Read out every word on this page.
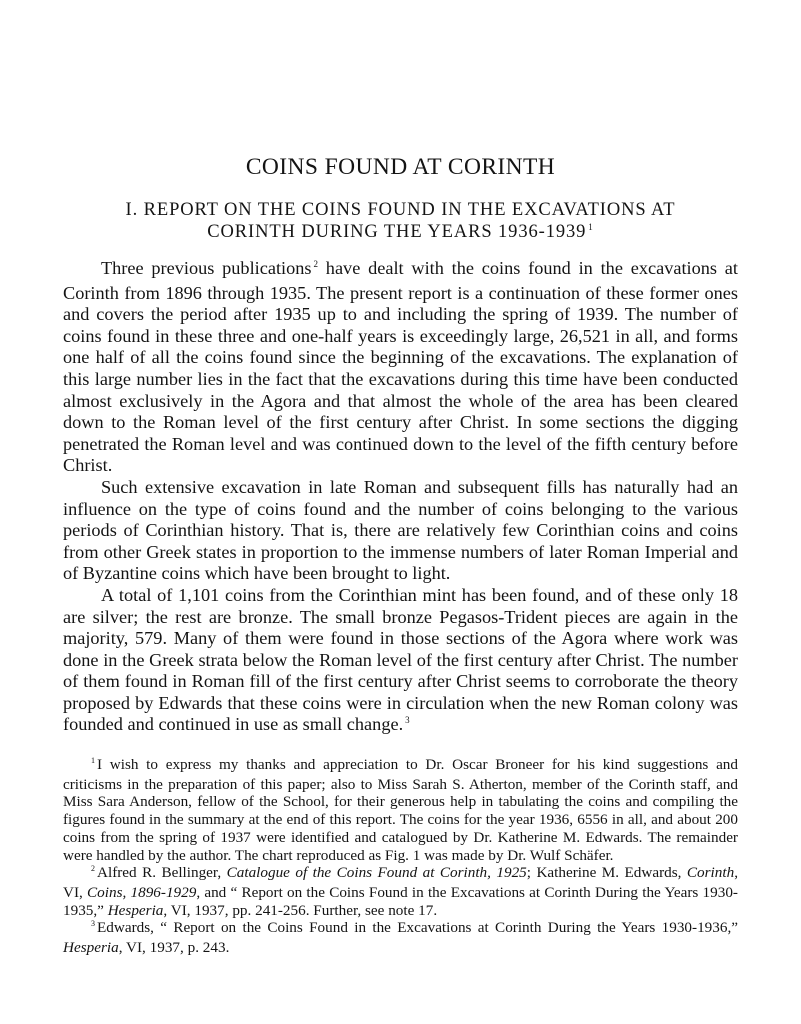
COINS FOUND AT CORINTH
I. REPORT ON THE COINS FOUND IN THE EXCAVATIONS AT
CORINTH DURING THE YEARS 1936-1939 $^1$

Three previous publications $^2$ have dealt with the coins found in the excavations at Corinth from 1896 through 1935. The present report is a continuation of these former ones and covers the period after 1935 up to and including the spring of 1939. The number of coins found in these three and one-half years is exceedingly large, 26,521 in all, and forms one half of all the coins found since the beginning of the excavations. The explanation of this large number lies in the fact that the excavations during this time have been conducted almost exclusively in the Agora and that almost the whole of the area has been cleared down to the Roman level of the first century after Christ. In some sections the digging penetrated the Roman level and was continued down to the level of the fifth century before Christ.

Such extensive excavation in late Roman and subsequent fills has naturally had an influence on the type of coins found and the number of coins belonging to the various periods of Corinthian history. That is, there are relatively few Corinthian coins and coins from other Greek states in proportion to the immense numbers of later Roman Imperial and of Byzantine coins which have been brought to light.

A total of 1,101 coins from the Corinthian mint has been found, and of these only 18 are silver; the rest are bronze. The small bronze Pegasos-Trident pieces are again in the majority, 579. Many of them were found in those sections of the Agora where work was done in the Greek strata below the Roman level of the first century after Christ. The number of them found in Roman fill of the first century after Christ seems to corroborate the theory proposed by Edwards that these coins were in circulation when the new Roman colony was founded and continued in use as small change. $^3$

$^1$ I wish to express my thanks and appreciation to Dr. Oscar Broneer for his kind suggestions and criticisms in the preparation of this paper; also to Miss Sarah S. Atherton, member of the Corinth staff, and Miss Sara Anderson, fellow of the School, for their generous help in tabulating the coins and compiling the figures found in the summary at the end of this report. The coins for the year 1936, 6556 in all, and about 200 coins from the spring of 1937 were identified and catalogued by Dr. Katherine M. Edwards. The remainder were handled by the author. The chart reproduced as Fig. 1 was made by Dr. Wulf Schäfer.

$^2$ Alfred R. Bellinger, Catalogue of the Coins Found at Corinth, 1925; Katherine M. Edwards, Corinth, VI, Coins, 1896-1929, and “ Report on the Coins Found in the Excavations at Corinth During the Years 1930-1935,” Hesperia, VI, 1937, pp. 241-256. Further, see note 17.

$^3$ Edwards, “ Report on the Coins Found in the Excavations at Corinth During the Years 1930-1936,” Hesperia, VI, 1937, p. 243.
